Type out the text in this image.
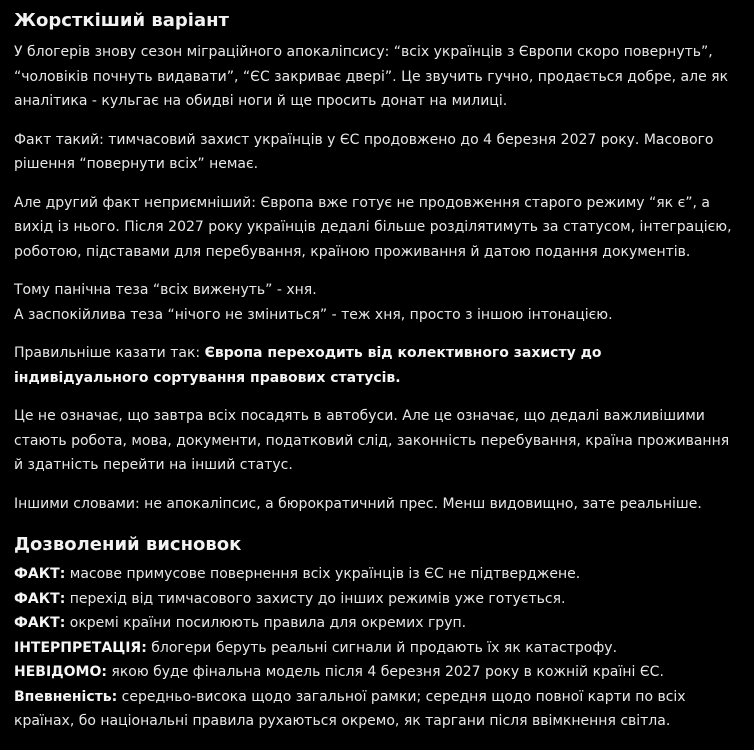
Жорсткіший варіант

У блогерів знову сезон міграційного апокаліпсису: “всіх українців з Європи скоро повернуть”, “чоловіків почнуть видавати”, “ЄС закриває двері”. Це звучить гучно, продається добре, але як аналітика - кульгає на обидві ноги й ще просить донат на милиці.

Факт такий: тимчасовий захист українців у ЄС продовжено до 4 березня 2027 року. Масового рішення “повернути всіх” немає.

Але другий факт неприємніший: Європа вже готує не продовження старого режиму “як є”, а вихід із нього. Після 2027 року українців дедалі більше розділятимуть за статусом, інтеграцією, роботою, підставами для перебування, країною проживання й датою подання документів.

Тому панічна теза “всіх виженуть” - хня.
А заспокійлива теза “нічого не зміниться” - теж хня, просто з іншою інтонацією.

Правильніше казати так: Європа переходить від колективного захисту до індивідуального сортування правових статусів.

Це не означає, що завтра всіх посадять в автобуси. Але це означає, що дедалі важливішими стають робота, мова, документи, податковий слід, законність перебування, країна проживання й здатність перейти на інший статус.

Іншими словами: не апокаліпсис, а бюрократичний прес. Менш видовищно, зате реальніше.

Дозволений висновок
ФАКТ: масове примусове повернення всіх українців із ЄС не підтверджене.
ФАКТ: перехід від тимчасового захисту до інших режимів уже готується.
ФАКТ: окремі країни посилюють правила для окремих груп.
ІНТЕРПРЕТАЦІЯ: блогери беруть реальні сигнали й продають їх як катастрофу.
НЕВІДОМО: якою буде фінальна модель після 4 березня 2027 року в кожній країні ЄС.
Впевненість: середньо-висока щодо загальної рамки; середня щодо повної карти по всіх країнах, бо національні правила рухаються окремо, як таргани після ввімкнення світла.
